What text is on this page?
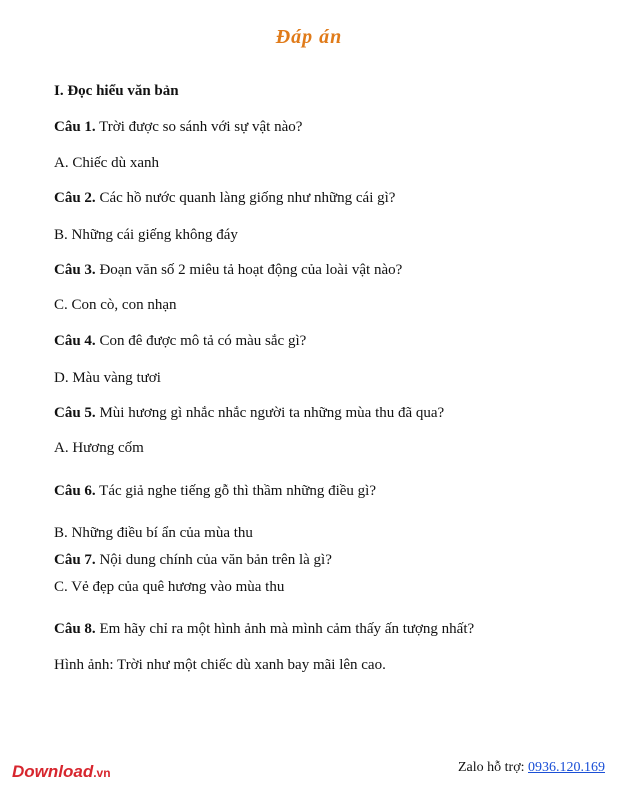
Đáp án
I. Đọc hiểu văn bản
Câu 1. Trời được so sánh với sự vật nào?
A. Chiếc dù xanh
Câu 2. Các hồ nước quanh làng giống như những cái gì?
B. Những cái giếng không đáy
Câu 3. Đoạn văn số 2 miêu tả hoạt động của loài vật nào?
C. Con cò, con nhạn
Câu 4. Con đê được mô tả có màu sắc gì?
D. Màu vàng tươi
Câu 5. Mùi hương gì nhắc nhắc người ta những mùa thu đã qua?
A. Hương cốm
Câu 6. Tác giả nghe tiếng gỗ thì thầm những điều gì?
B. Những điều bí ẩn của mùa thu
Câu 7. Nội dung chính của văn bản trên là gì?
C. Vẻ đẹp của quê hương vào mùa thu
Câu 8. Em hãy chỉ ra một hình ảnh mà mình cảm thấy ấn tượng nhất?
Hình ảnh: Trời như một chiếc dù xanh bay mãi lên cao.
Download.vn	Zalo hỗ trợ: 0936.120.169
